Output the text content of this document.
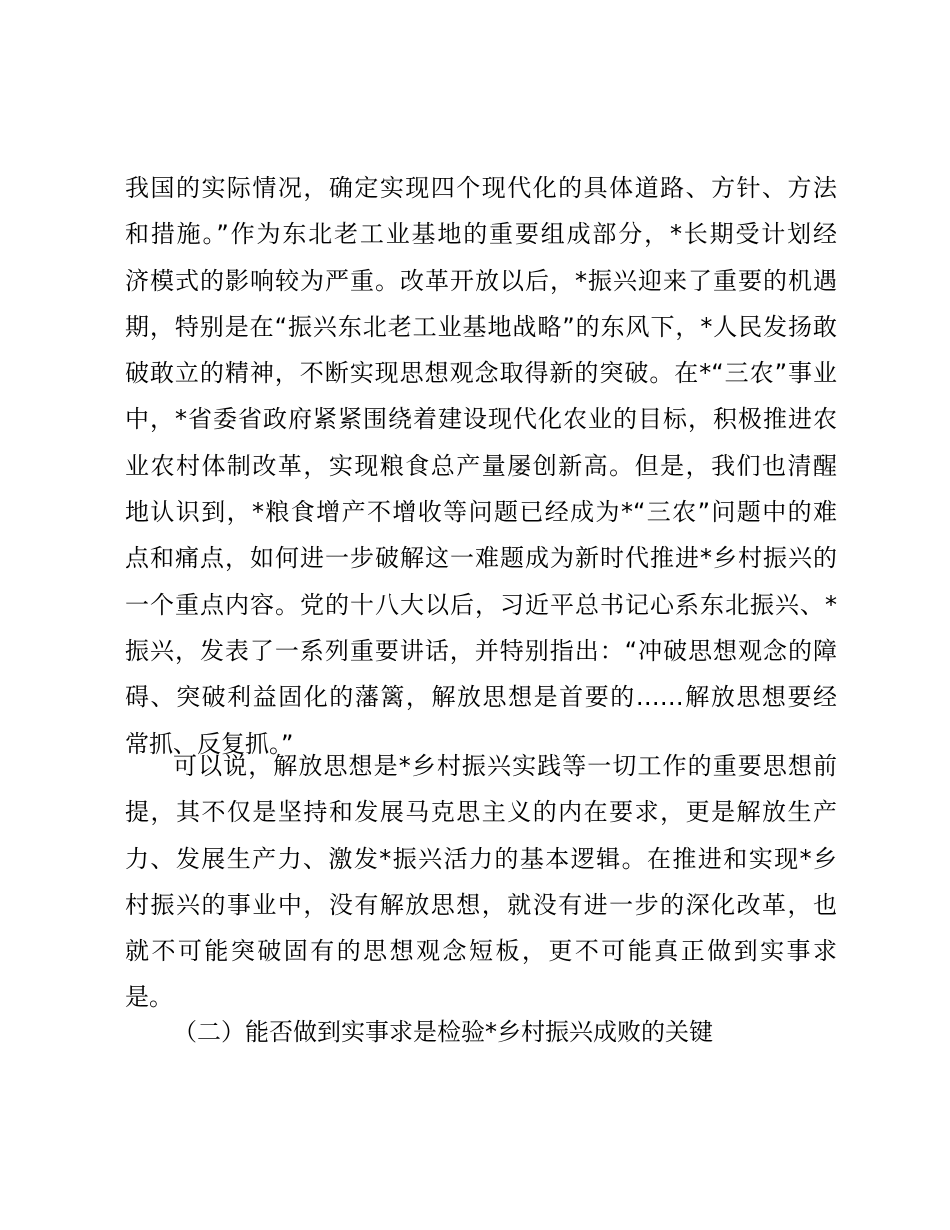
我国的实际情况，确定实现四个现代化的具体道路、方针、方法
和措施。”作为东北老工业基地的重要组成部分，*长期受计划经
济模式的影响较为严重。改革开放以后，*振兴迎来了重要的机遇
期，特别是在“振兴东北老工业基地战略”的东风下，*人民发扬敢
破敢立的精神，不断实现思想观念取得新的突破。在*“三农”事业
中，*省委省政府紧紧围绕着建设现代化农业的目标，积极推进农
业农村体制改革，实现粮食总产量屡创新高。但是，我们也清醒
地认识到，*粮食增产不增收等问题已经成为*“三农”问题中的难
点和痛点，如何进一步破解这一难题成为新时代推进*乡村振兴的
一个重点内容。党的十八大以后，习近平总书记心系东北振兴、*
振兴，发表了一系列重要讲话，并特别指出：“冲破思想观念的障
碍、突破利益固化的藩篱，解放思想是首要的……解放思想要经
常抓、反复抓。”
可以说，解放思想是*乡村振兴实践等一切工作的重要思想前
提，其不仅是坚持和发展马克思主义的内在要求，更是解放生产
力、发展生产力、激发*振兴活力的基本逻辑。在推进和实现*乡
村振兴的事业中，没有解放思想，就没有进一步的深化改革，也
就不可能突破固有的思想观念短板，更不可能真正做到实事求
是。
（二）能否做到实事求是检验*乡村振兴成败的关键
